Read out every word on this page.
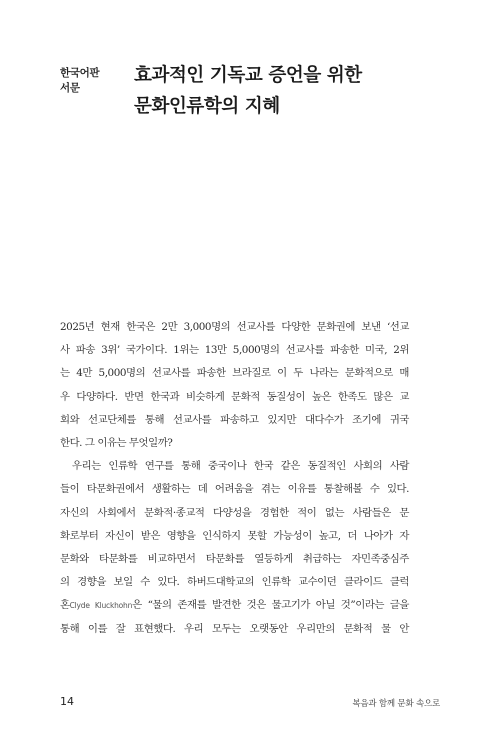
한국어판
서문
효과적인 기독교 증언을 위한
문화인류학의 지혜
2025년 현재 한국은 2만 3,000명의 선교사를 다양한 문화권에 보낸 ‘선교
사 파송 3위’ 국가이다. 1위는 13만 5,000명의 선교사를 파송한 미국, 2위
는 4만 5,000명의 선교사를 파송한 브라질로 이 두 나라는 문화적으로 매
우 다양하다. 반면 한국과 비슷하게 문화적 동질성이 높은 한족도 많은 교
회와 선교단체를 통해 선교사를 파송하고 있지만 대다수가 조기에 귀국
한다. 그 이유는 무엇일까?
우리는 인류학 연구를 통해 중국이나 한국 같은 동질적인 사회의 사람
들이 타문화권에서 생활하는 데 어려움을 겪는 이유를 통찰해볼 수 있다.
자신의 사회에서 문화적·종교적 다양성을 경험한 적이 없는 사람들은 문
화로부터 자신이 받은 영향을 인식하지 못할 가능성이 높고, 더 나아가 자
문화와 타문화를 비교하면서 타문화를 열등하게 취급하는 자민족중심주
의 경향을 보일 수 있다. 하버드대학교의 인류학 교수이던 클라이드 클럭
혼Clyde Kluckhohn은 “물의 존재를 발견한 것은 물고기가 아닐 것”이라는 글을
통해 이를 잘 표현했다. 우리 모두는 오랫동안 우리만의 문화적 물 안
14	복음과 함께 문화 속으로
